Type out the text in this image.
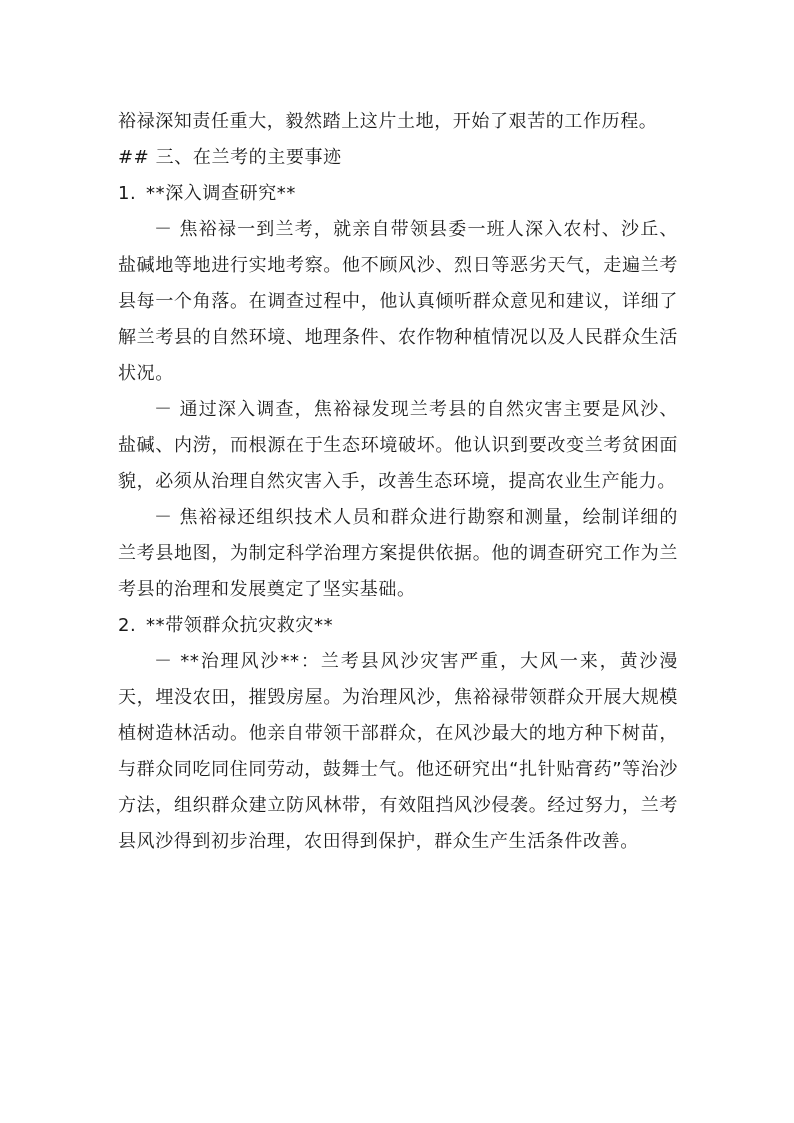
裕禄深知责任重大，毅然踏上这片土地，开始了艰苦的工作历程。

## 三、在兰考的主要事迹

1. **深入调查研究**

－ 焦裕禄一到兰考，就亲自带领县委一班人深入农村、沙丘、盐碱地等地进行实地考察。他不顾风沙、烈日等恶劣天气，走遍兰考县每一个角落。在调查过程中，他认真倾听群众意见和建议，详细了解兰考县的自然环境、地理条件、农作物种植情况以及人民群众生活状况。

－ 通过深入调查，焦裕禄发现兰考县的自然灾害主要是风沙、盐碱、内涝，而根源在于生态环境破坏。他认识到要改变兰考贫困面貌，必须从治理自然灾害入手，改善生态环境，提高农业生产能力。

－ 焦裕禄还组织技术人员和群众进行勘察和测量，绘制详细的兰考县地图，为制定科学治理方案提供依据。他的调查研究工作为兰考县的治理和发展奠定了坚实基础。

2. **带领群众抗灾救灾**

－ **治理风沙**：兰考县风沙灾害严重，大风一来，黄沙漫天，埋没农田，摧毁房屋。为治理风沙，焦裕禄带领群众开展大规模植树造林活动。他亲自带领干部群众，在风沙最大的地方种下树苗，与群众同吃同住同劳动，鼓舞士气。他还研究出“扎针贴膏药”等治沙方法，组织群众建立防风林带，有效阻挡风沙侵袭。经过努力，兰考县风沙得到初步治理，农田得到保护，群众生产生活条件改善。
